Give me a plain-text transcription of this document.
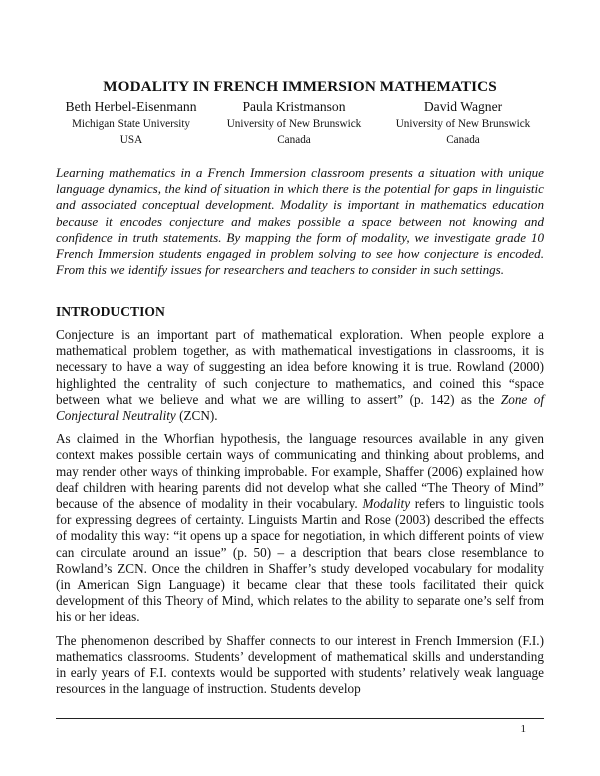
MODALITY IN FRENCH IMMERSION MATHEMATICS
Beth Herbel-Eisenmann
Michigan State University
USA
Paula Kristmanson
University of New Brunswick
Canada
David Wagner
University of New Brunswick
Canada

Learning mathematics in a French Immersion classroom presents a situation with unique language dynamics, the kind of situation in which there is the potential for gaps in linguistic and associated conceptual development. Modality is important in mathematics education because it encodes conjecture and makes possible a space between not knowing and confidence in truth statements. By mapping the form of modality, we investigate grade 10 French Immersion students engaged in problem solving to see how conjecture is encoded. From this we identify issues for researchers and teachers to consider in such settings.

INTRODUCTION

Conjecture is an important part of mathematical exploration. When people explore a mathematical problem together, as with mathematical investigations in classrooms, it is necessary to have a way of suggesting an idea before knowing it is true. Rowland (2000) highlighted the centrality of such conjecture to mathematics, and coined this “space between what we believe and what we are willing to assert” (p. 142) as the Zone of Conjectural Neutrality (ZCN).

As claimed in the Whorfian hypothesis, the language resources available in any given context makes possible certain ways of communicating and thinking about problems, and may render other ways of thinking improbable. For example, Shaffer (2006) explained how deaf children with hearing parents did not develop what she called “The Theory of Mind” because of the absence of modality in their vocabulary. Modality refers to linguistic tools for expressing degrees of certainty. Linguists Martin and Rose (2003) described the effects of modality this way: “it opens up a space for negotiation, in which different points of view can circulate around an issue” (p. 50) – a description that bears close resemblance to Rowland’s ZCN. Once the children in Shaffer’s study developed vocabulary for modality (in American Sign Language) it became clear that these tools facilitated their quick development of this Theory of Mind, which relates to the ability to separate one’s self from his or her ideas.

The phenomenon described by Shaffer connects to our interest in French Immersion (F.I.) mathematics classrooms. Students’ development of mathematical skills and understanding in early years of F.I. contexts would be supported with students’ relatively weak language resources in the language of instruction. Students develop

1
